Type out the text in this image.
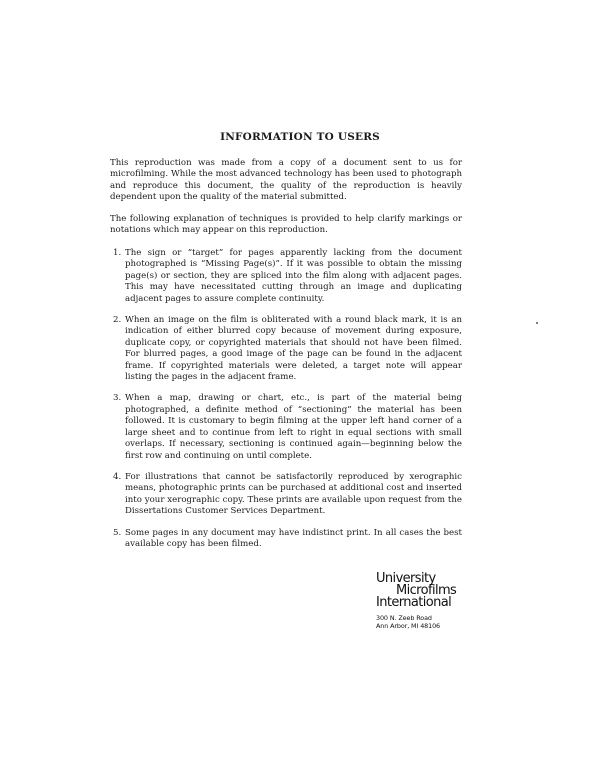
INFORMATION TO USERS
This reproduction was made from a copy of a document sent to us for microfilming. While the most advanced technology has been used to photograph and reproduce this document, the quality of the reproduction is heavily dependent upon the quality of the material submitted.
The following explanation of techniques is provided to help clarify markings or notations which may appear on this reproduction.
1. The sign or “target” for pages apparently lacking from the document photographed is “Missing Page(s)”. If it was possible to obtain the missing page(s) or section, they are spliced into the film along with adjacent pages. This may have necessitated cutting through an image and duplicating adjacent pages to assure complete continuity.
2. When an image on the film is obliterated with a round black mark, it is an indication of either blurred copy because of movement during exposure, duplicate copy, or copyrighted materials that should not have been filmed. For blurred pages, a good image of the page can be found in the adjacent frame. If copyrighted materials were deleted, a target note will appear listing the pages in the adjacent frame.
3. When a map, drawing or chart, etc., is part of the material being photographed, a definite method of “sectioning” the material has been followed. It is customary to begin filming at the upper left hand corner of a large sheet and to continue from left to right in equal sections with small overlaps. If necessary, sectioning is continued again—beginning below the first row and continuing on until complete.
4. For illustrations that cannot be satisfactorily reproduced by xerographic means, photographic prints can be purchased at additional cost and inserted into your xerographic copy. These prints are available upon request from the Dissertations Customer Services Department.
5. Some pages in any document may have indistinct print. In all cases the best available copy has been filmed.
University
Microfilms
International
300 N. Zeeb Road
Ann Arbor, MI 48106
